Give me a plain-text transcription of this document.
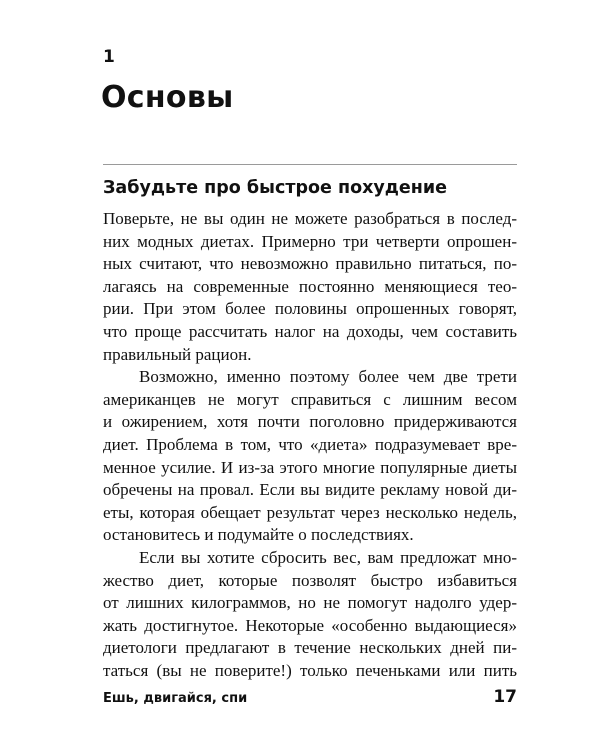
1
Основы
Забудьте про быстрое похудение

Поверьте, не вы один не можете разобраться в послед-
них модных диетах. Примерно три четверти опрошен-
ных считают, что невозможно правильно питаться, по-
лагаясь на современные постоянно меняющиеся тео-
рии. При этом более половины опрошенных говорят,
что проще рассчитать налог на доходы, чем составить
правильный рацион.

Возможно, именно поэтому более чем две трети
американцев не могут справиться с лишним весом
и ожирением, хотя почти поголовно придерживаются
диет. Проблема в том, что «диета» подразумевает вре-
менное усилие. И из-за этого многие популярные диеты
обречены на провал. Если вы видите рекламу новой ди-
еты, которая обещает результат через несколько недель,
остановитесь и подумайте о последствиях.

Если вы хотите сбросить вес, вам предложат мно-
жество диет, которые позволят быстро избавиться
от лишних килограммов, но не помогут надолго удер-
жать достигнутое. Некоторые «особенно выдающиеся»
диетологи предлагают в течение нескольких дней пи-
таться (вы не поверите!) только печеньками или пить

Ешь, двигайся, спи	17
